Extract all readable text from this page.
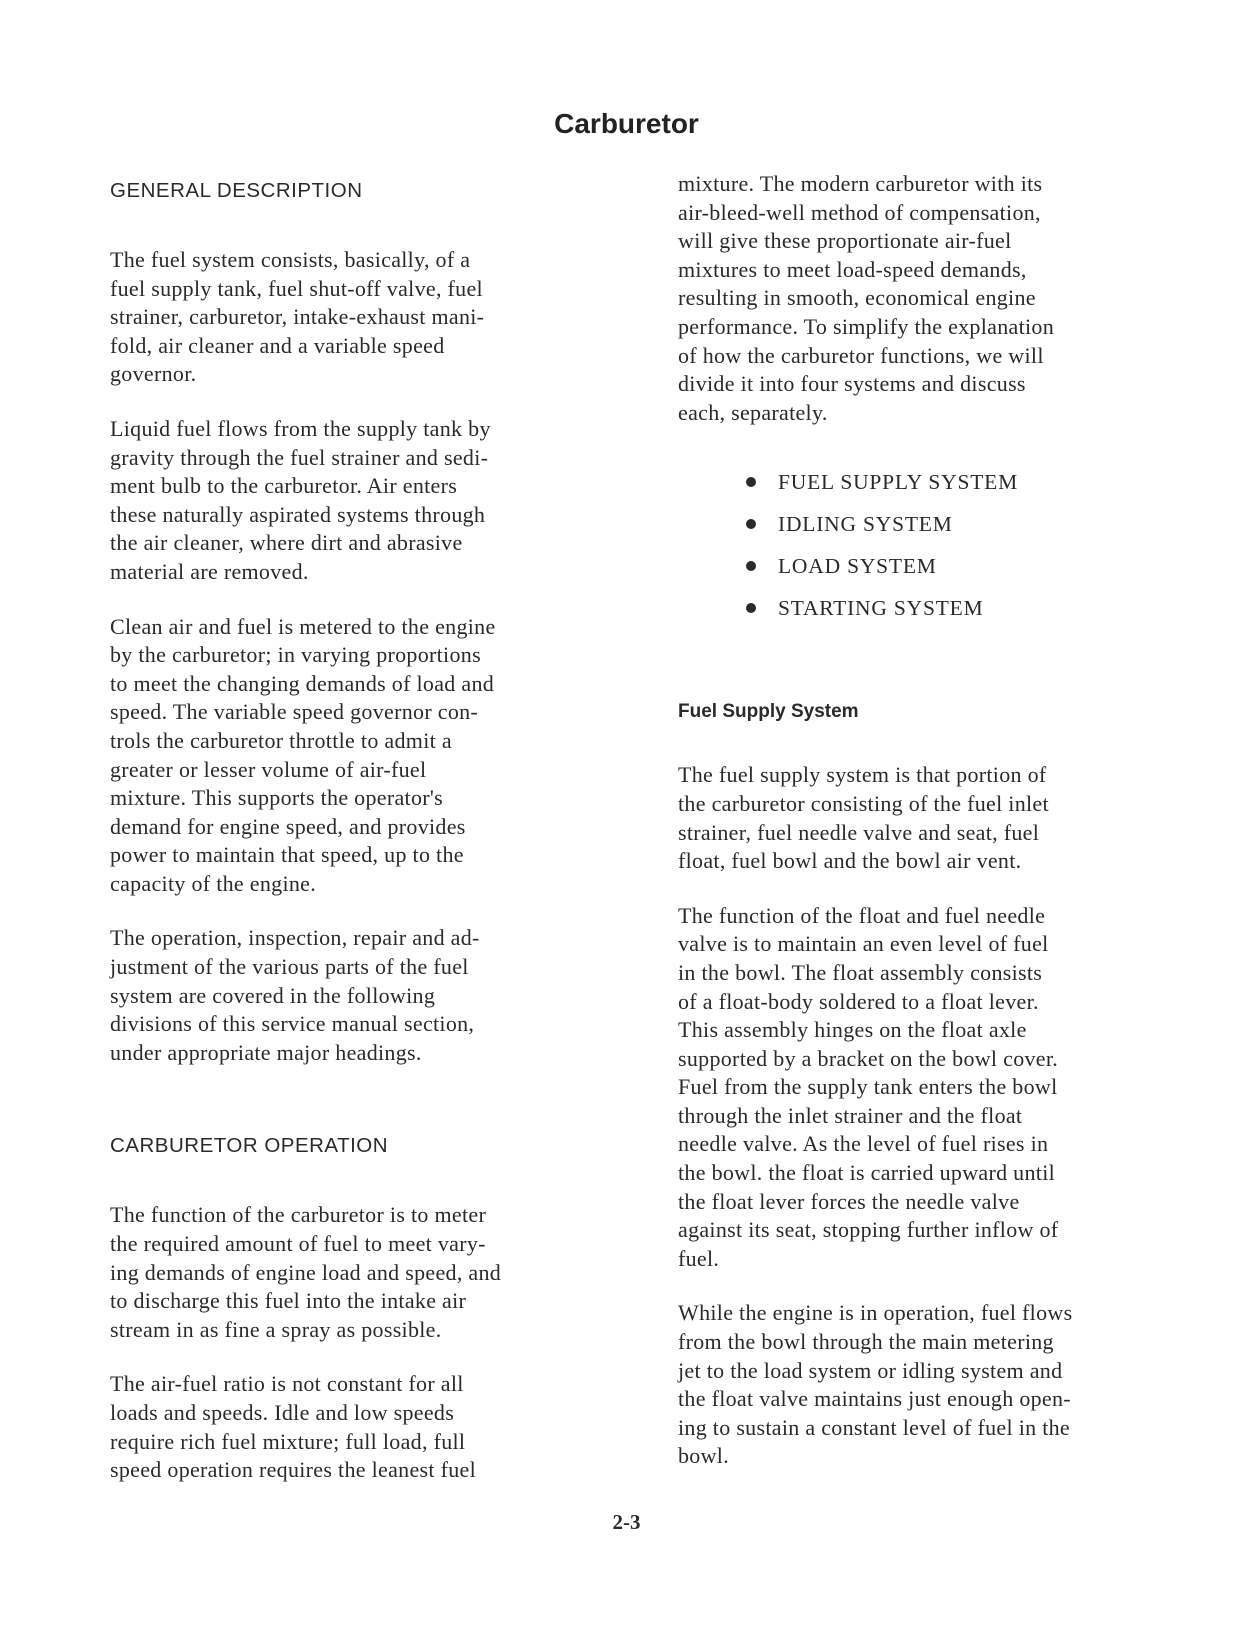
Carburetor
GENERAL DESCRIPTION

The fuel system consists, basically, of a
fuel supply tank, fuel shut-off valve, fuel
strainer, carburetor, intake-exhaust mani-
fold, air cleaner and a variable speed
governor.

Liquid fuel flows from the supply tank by
gravity through the fuel strainer and sedi-
ment bulb to the carburetor. Air enters
these naturally aspirated systems through
the air cleaner, where dirt and abrasive
material are removed.

Clean air and fuel is metered to the engine
by the carburetor; in varying proportions
to meet the changing demands of load and
speed. The variable speed governor con-
trols the carburetor throttle to admit a
greater or lesser volume of air-fuel
mixture. This supports the operator's
demand for engine speed, and provides
power to maintain that speed, up to the
capacity of the engine.

The operation, inspection, repair and ad-
justment of the various parts of the fuel
system are covered in the following
divisions of this service manual section,
under appropriate major headings.

CARBURETOR OPERATION

The function of the carburetor is to meter
the required amount of fuel to meet vary-
ing demands of engine load and speed, and
to discharge this fuel into the intake air
stream in as fine a spray as possible.

The air-fuel ratio is not constant for all
loads and speeds. Idle and low speeds
require rich fuel mixture; full load, full
speed operation requires the leanest fuel

mixture. The modern carburetor with its
air-bleed-well method of compensation,
will give these proportionate air-fuel
mixtures to meet load-speed demands,
resulting in smooth, economical engine
performance. To simplify the explanation
of how the carburetor functions, we will
divide it into four systems and discuss
each, separately.

FUEL SUPPLY SYSTEM
IDLING SYSTEM
LOAD SYSTEM
STARTING SYSTEM
Fuel Supply System

The fuel supply system is that portion of
the carburetor consisting of the fuel inlet
strainer, fuel needle valve and seat, fuel
float, fuel bowl and the bowl air vent.

The function of the float and fuel needle
valve is to maintain an even level of fuel
in the bowl. The float assembly consists
of a float-body soldered to a float lever.
This assembly hinges on the float axle
supported by a bracket on the bowl cover.
Fuel from the supply tank enters the bowl
through the inlet strainer and the float
needle valve. As the level of fuel rises in
the bowl. the float is carried upward until
the float lever forces the needle valve
against its seat, stopping further inflow of
fuel.

While the engine is in operation, fuel flows
from the bowl through the main metering
jet to the load system or idling system and
the float valve maintains just enough open-
ing to sustain a constant level of fuel in the
bowl.

2-3
